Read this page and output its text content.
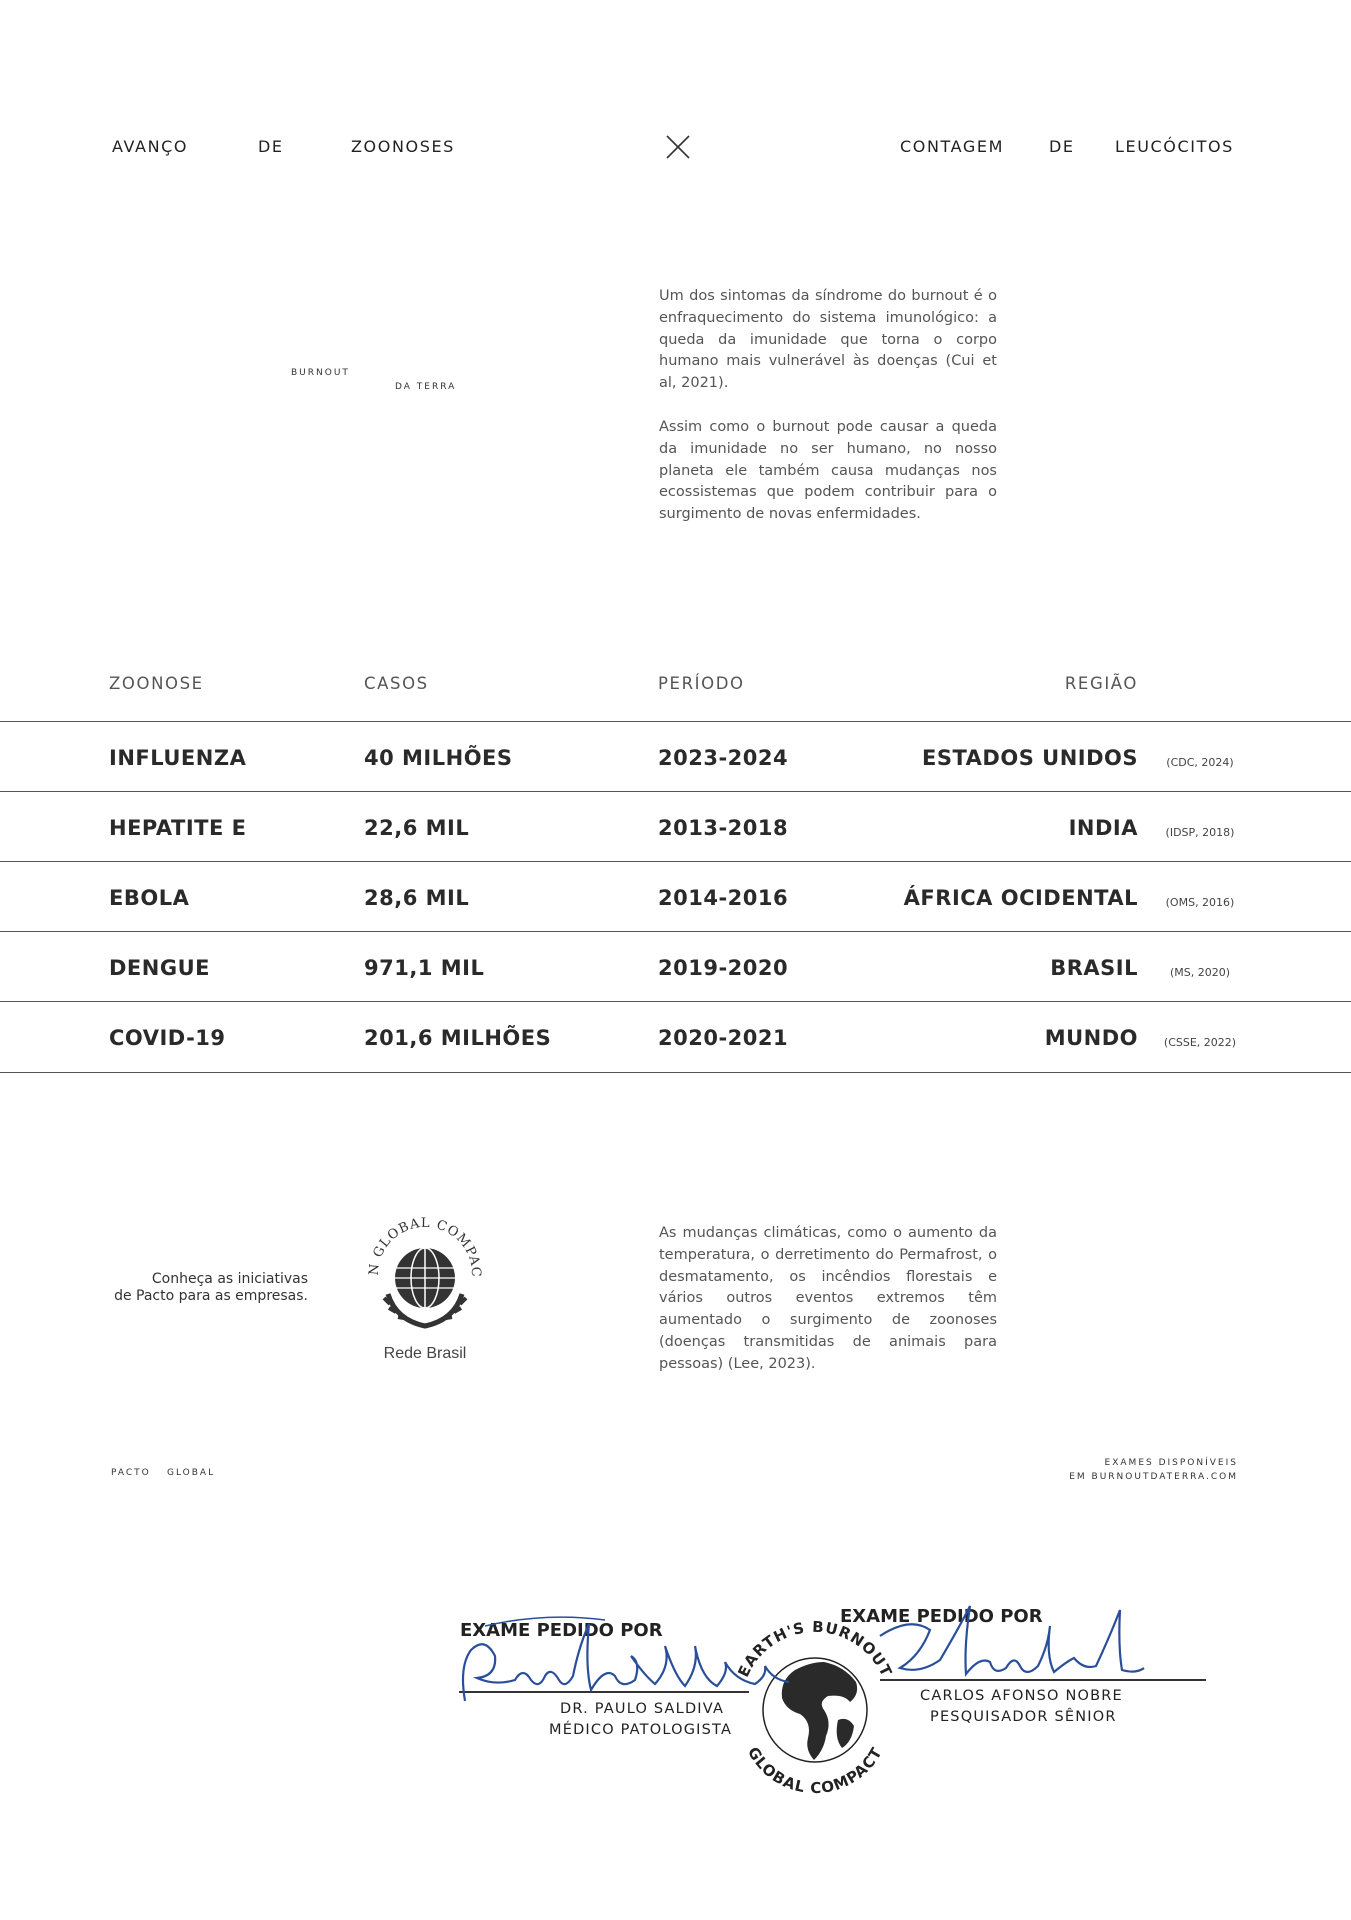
AVANÇO	DE	ZOONOSES	CONTAGEM	DE	LEUCÓCITOS
BURNOUT
DA TERRA
Um dos sintomas da síndrome do burnout é o enfraquecimento do sistema imunológico: a queda da imunidade que torna o corpo humano mais vulnerável às doenças (Cui et al, 2021).
Assim como o burnout pode causar a queda da imunidade no ser humano, no nosso planeta ele também causa mudanças nos ecossistemas que podem contribuir para o surgimento de novas enfermidades.
ZOONOSE	CASOS	PERÍODO	REGIÃO
INFLUENZA	40 MILHÕES	2023-2024	ESTADOS UNIDOS	(CDC, 2024)
HEPATITE E	22,6 MIL	2013-2018	INDIA	(IDSP, 2018)
EBOLA	28,6 MIL	2014-2016	ÁFRICA OCIDENTAL	(OMS, 2016)
DENGUE	971,1 MIL	2019-2020	BRASIL	(MS, 2020)
COVID-19	201,6 MILHÕES	2020-2021	MUNDO	(CSSE, 2022)
Conheça as iniciativas
de Pacto para as empresas.
N GLOBAL COMPAC
Rede Brasil
As mudanças climáticas, como o aumento da temperatura, o derretimento do Permafrost, o desmatamento, os incêndios florestais e vários outros eventos extremos têm aumentado o surgimento de zoonoses (doenças transmitidas de animais para pessoas) (Lee, 2023).
PACTO GLOBAL
EXAMES DISPONÍVEIS
EM BURNOUTDATERRA.COM
EXAME PEDIDO POR
EXAME PEDIDO POR
EARTH'S BURNOUT
GLOBAL COMPACT
DR. PAULO SALDIVA
MÉDICO PATOLOGISTA
CARLOS AFONSO NOBRE
PESQUISADOR SÊNIOR
